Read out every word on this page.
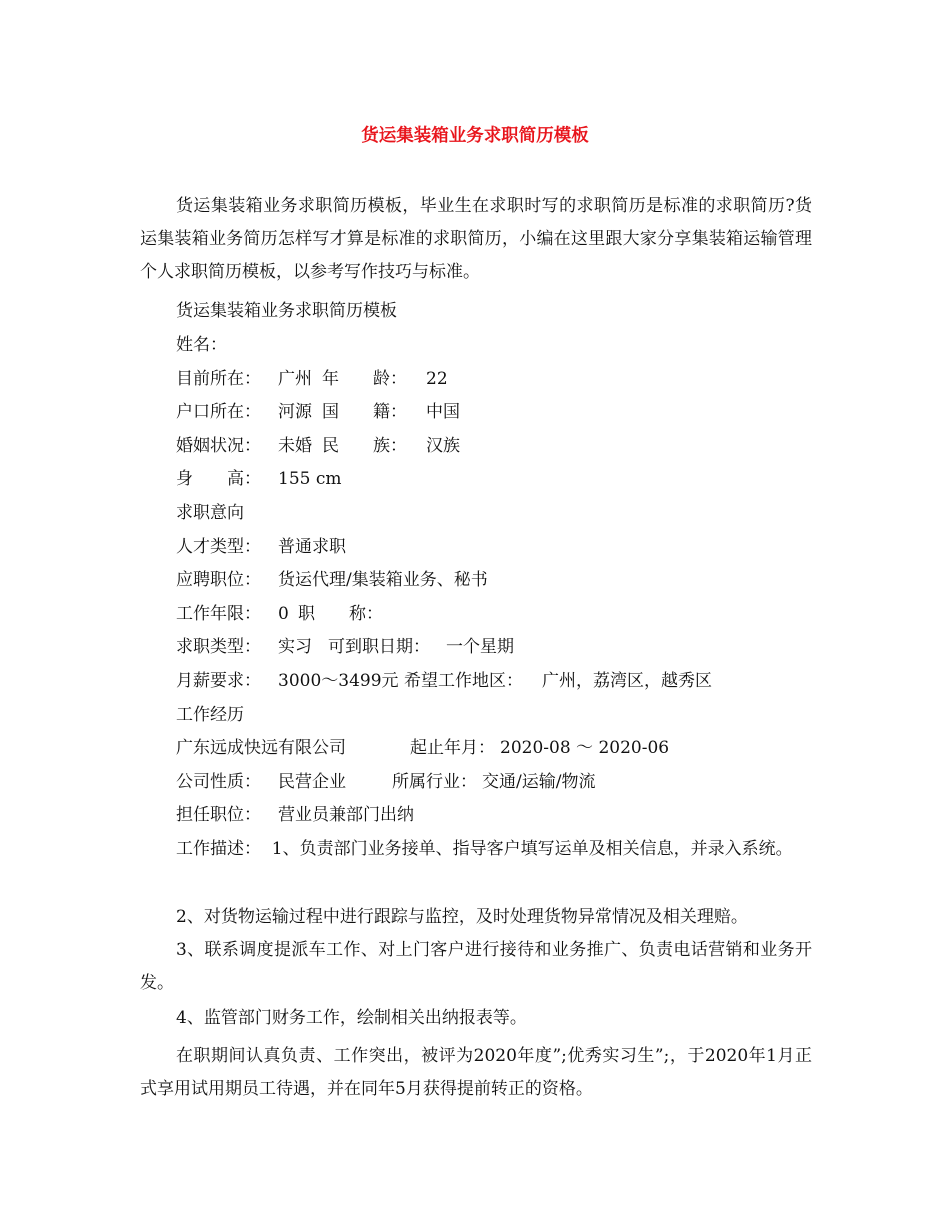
货运集装箱业务求职简历模板

货运集装箱业务求职简历模板，毕业生在求职时写的求职简历是标准的求职简历?货运集装箱业务简历怎样写才算是标准的求职简历，小编在这里跟大家分享集装箱运输管理个人求职简历模板，以参考写作技巧与标准。

货运集装箱业务求职简历模板
姓名：

目前所在：

广州

年　　龄：

22

户口所在：

河源

国　　籍：

中国

婚姻状况：

未婚

民　　族：

汉族

身　　高：

155 cm

求职意向

人才类型：

普通求职

应聘职位：

货运代理/集装箱业务、秘书

工作年限：

0

职　　称：

求职类型：

实习

可到职日期：

一个星期

月薪要求：

3000～3499元

希望工作地区：

广州，荔湾区，越秀区

工作经历

广东远成快远有限公司

	起止年月：

2020-08 ～ 2020-06

公司性质：

民营企业

	所属行业：

交通/运输/物流

担任职位：

营业员兼部门出纳

工作描述：  1、负责部门业务接单、指导客户填写运单及相关信息，并录入系统。

2、对货物运输过程中进行跟踪与监控，及时处理货物异常情况及相关理赔。

3、联系调度提派车工作、对上门客户进行接待和业务推广、负责电话营销和业务开发。

4、监管部门财务工作，绘制相关出纳报表等。

在职期间认真负责、工作突出，被评为2020年度”;优秀实习生”;，于2020年1月正式享用试用期员工待遇，并在同年5月获得提前转正的资格。
